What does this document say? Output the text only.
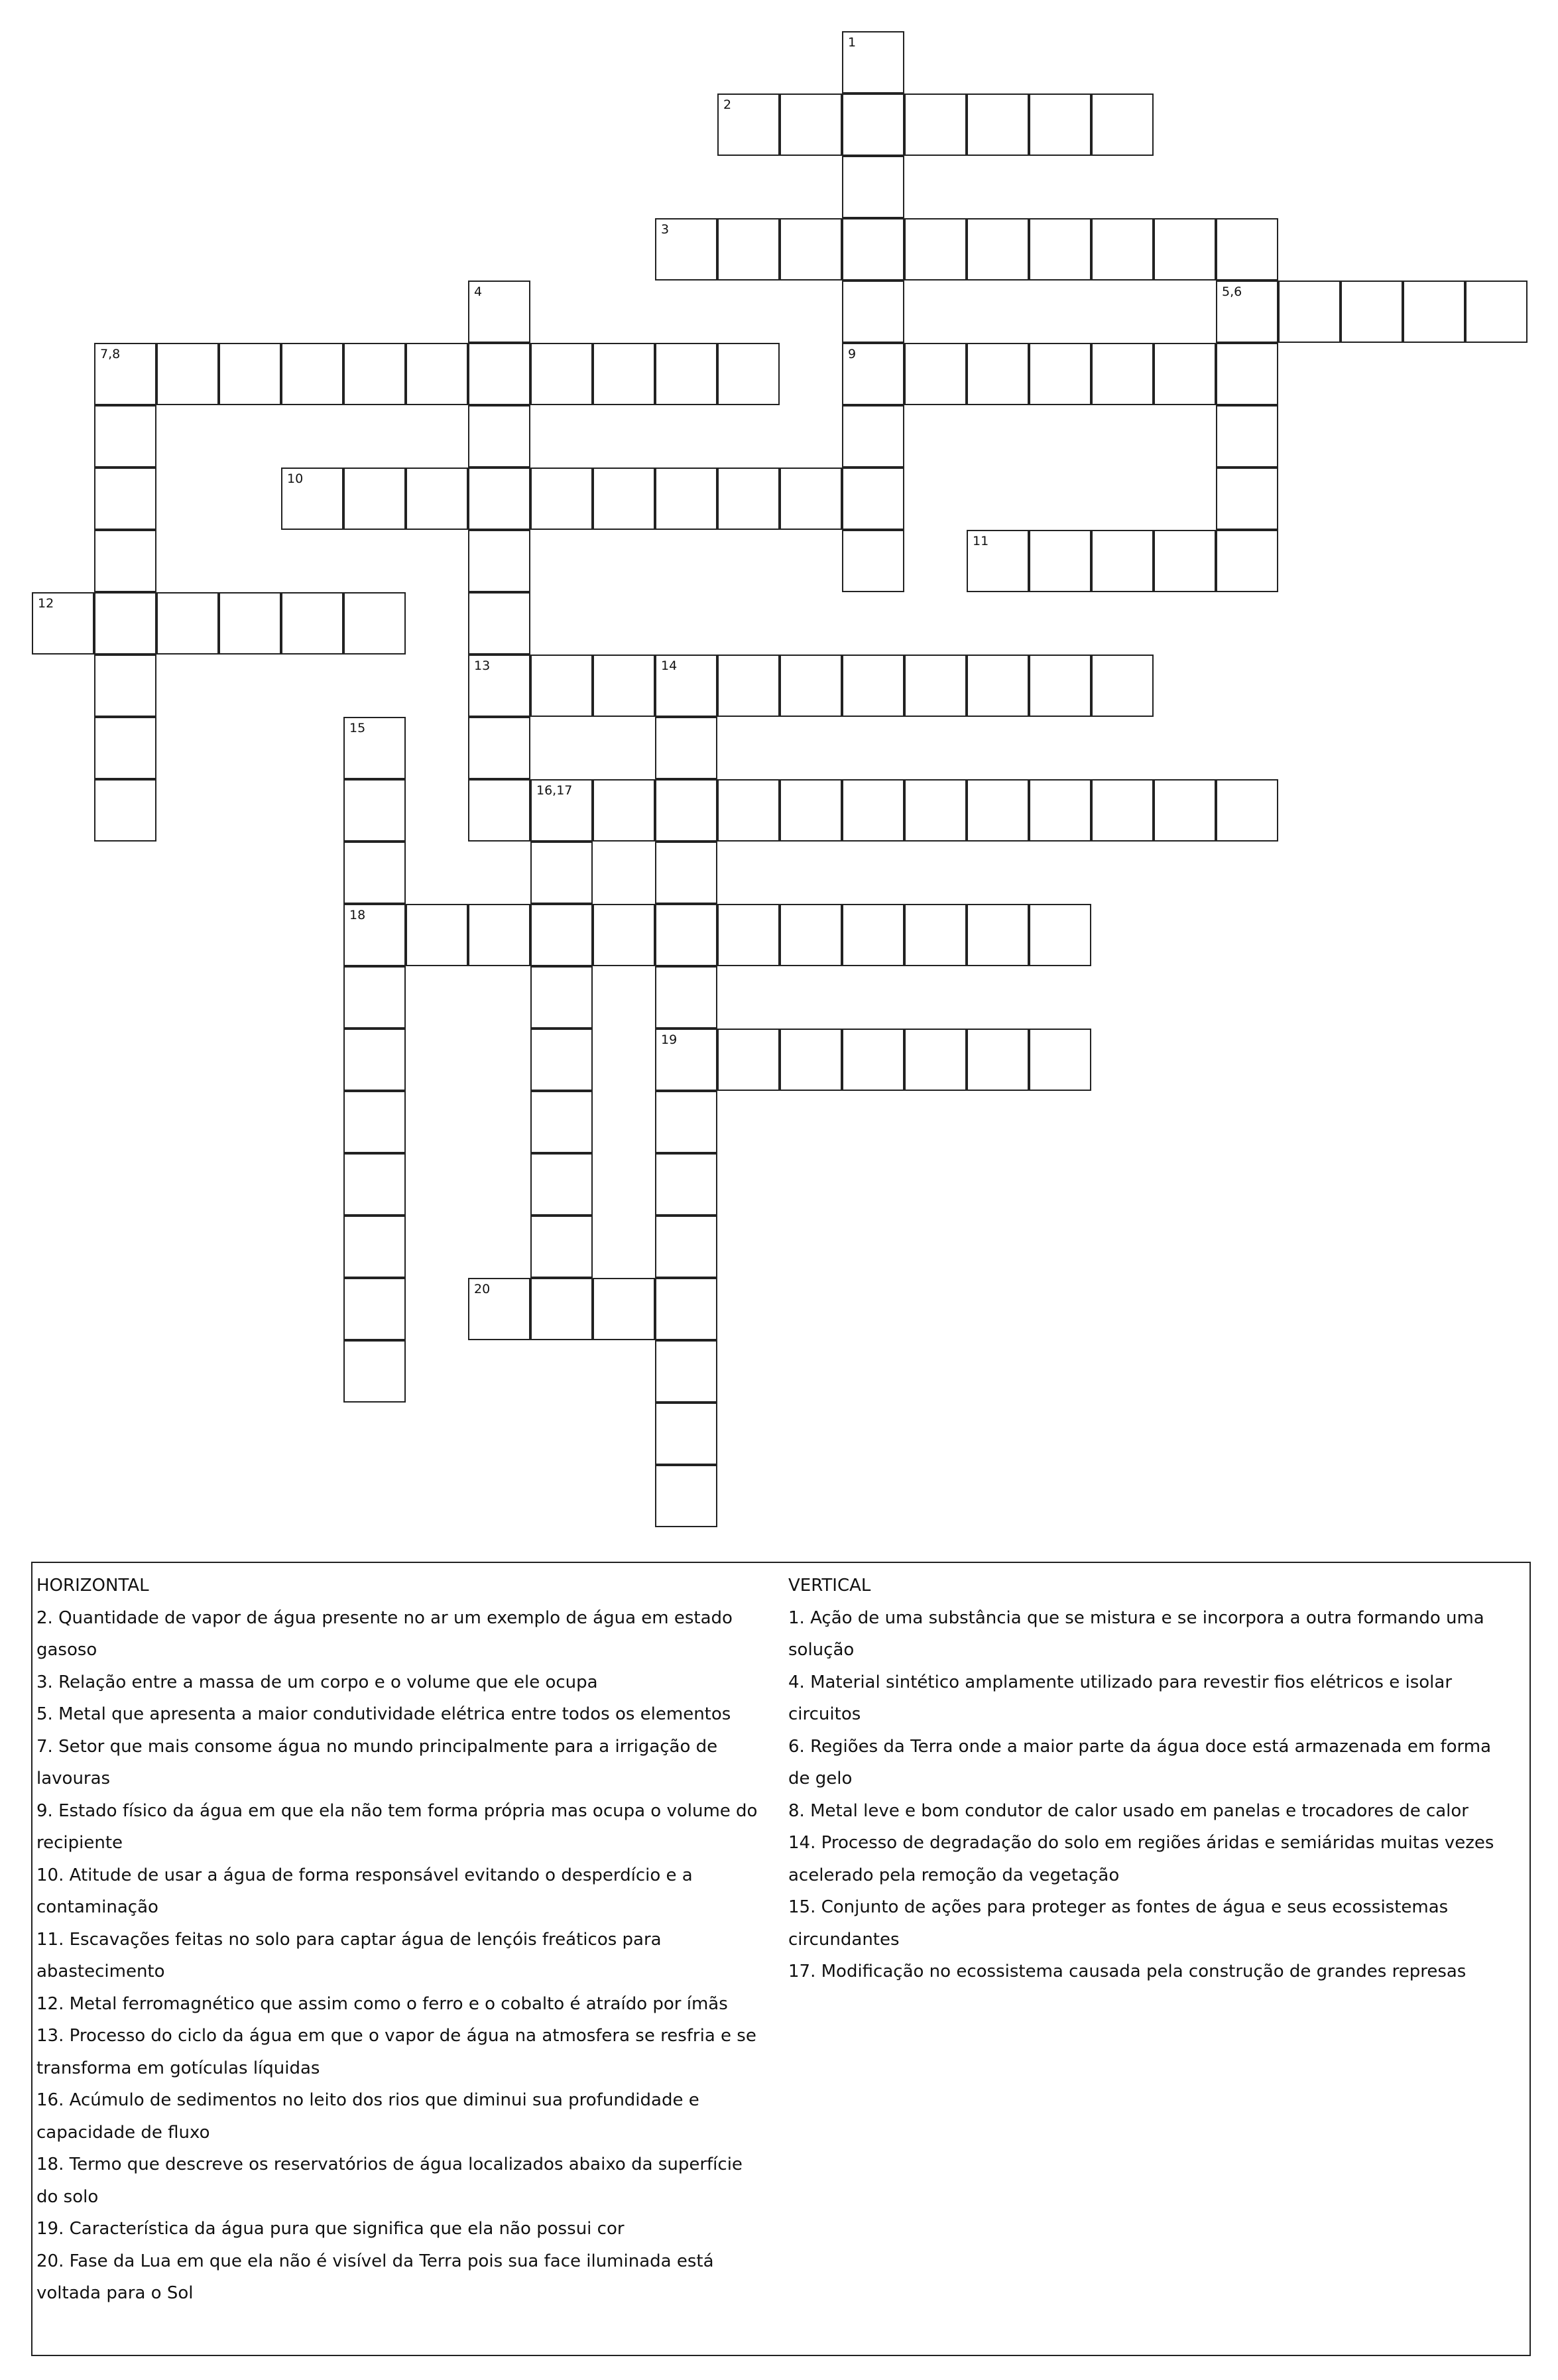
1
9
2
3
4
13
5,6
7,8
10
11
12
14
19
15
18
16,17
20
HORIZONTAL
2. Quantidade de vapor de água presente no ar um exemplo de água em estado
gasoso
3. Relação entre a massa de um corpo e o volume que ele ocupa
5. Metal que apresenta a maior condutividade elétrica entre todos os elementos
7. Setor que mais consome água no mundo principalmente para a irrigação de
lavouras
9. Estado físico da água em que ela não tem forma própria mas ocupa o volume do
recipiente
10. Atitude de usar a água de forma responsável evitando o desperdício e a
contaminação
11. Escavações feitas no solo para captar água de lençóis freáticos para
abastecimento
12. Metal ferromagnético que assim como o ferro e o cobalto é atraído por ímãs
13. Processo do ciclo da água em que o vapor de água na atmosfera se resfria e se
transforma em gotículas líquidas
16. Acúmulo de sedimentos no leito dos rios que diminui sua profundidade e
capacidade de fluxo
18. Termo que descreve os reservatórios de água localizados abaixo da superfície
do solo
19. Característica da água pura que significa que ela não possui cor
20. Fase da Lua em que ela não é visível da Terra pois sua face iluminada está
voltada para o Sol
VERTICAL
1. Ação de uma substância que se mistura e se incorpora a outra formando uma
solução
4. Material sintético amplamente utilizado para revestir fios elétricos e isolar
circuitos
6. Regiões da Terra onde a maior parte da água doce está armazenada em forma
de gelo
8. Metal leve e bom condutor de calor usado em panelas e trocadores de calor
14. Processo de degradação do solo em regiões áridas e semiáridas muitas vezes
acelerado pela remoção da vegetação
15. Conjunto de ações para proteger as fontes de água e seus ecossistemas
circundantes
17. Modificação no ecossistema causada pela construção de grandes represas
